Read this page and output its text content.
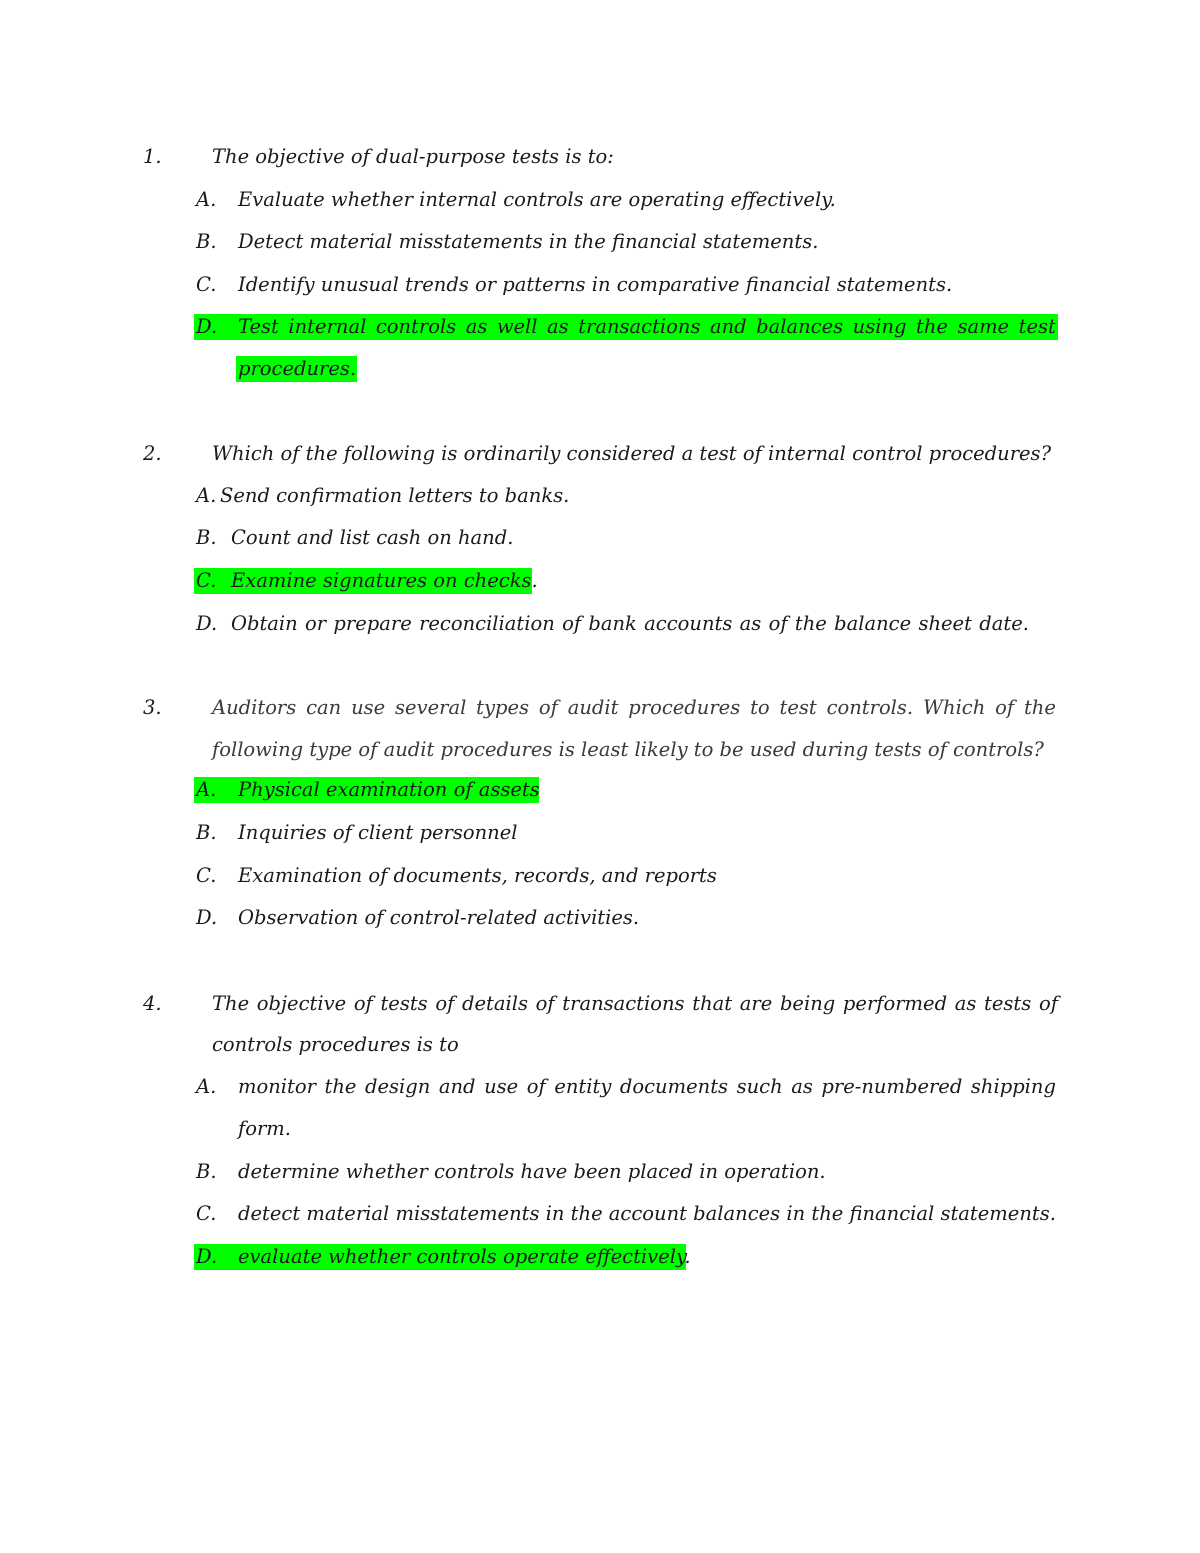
1.	The objective of dual-purpose tests is to:
A. Evaluate whether internal controls are operating effectively.
B. Detect material misstatements in the financial statements.
C. Identify unusual trends or patterns in comparative financial statements.
D. Test internal controls as well as transactions and balances using the same test
procedures.
2.	Which of the following is ordinarily considered a test of internal control procedures?
A. Send confirmation letters to banks.
B. Count and list cash on hand.
C. Examine signatures on checks.
D. Obtain or prepare reconciliation of bank accounts as of the balance sheet date.
3.	Auditors can use several types of audit procedures to test controls. Which of the
following type of audit procedures is least likely to be used during tests of controls?
A. Physical examination of assets
B. Inquiries of client personnel
C. Examination of documents, records, and reports
D. Observation of control-related activities.
4.	The objective of tests of details of transactions that are being performed as tests of
controls procedures is to
A. monitor the design and use of entity documents such as pre-numbered shipping
form.
B. determine whether controls have been placed in operation.
C. detect material misstatements in the account balances in the financial statements.
D. evaluate whether controls operate effectively.
